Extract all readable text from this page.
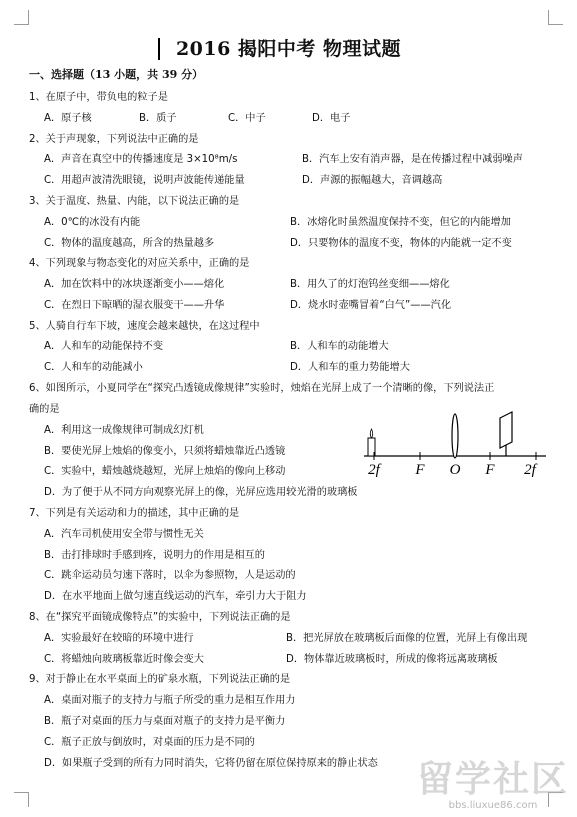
2016 揭阳中考 物理试题
一、选择题（13 小题，共 39 分）
1、在原子中，带负电的粒子是
A．原子核	B．质子	C．中子	D．电子
2、关于声现象，下列说法中正确的是
A．声音在真空中的传播速度是 3×10⁸m/s	B．汽车上安有消声器，是在传播过程中减弱噪声
C．用超声波清洗眼镜，说明声波能传递能量	D．声源的振幅越大，音调越高
3、关于温度、热量、内能，以下说法正确的是
A．0℃的冰没有内能	B．冰熔化时虽然温度保持不变，但它的内能增加
C．物体的温度越高，所含的热量越多	D．只要物体的温度不变，物体的内能就一定不变
4、下列现象与物态变化的对应关系中，正确的是
A．加在饮料中的冰块逐渐变小——熔化	B．用久了的灯泡钨丝变细——熔化
C．在烈日下晾晒的湿衣服变干——升华	D．烧水时壶嘴冒着“白气”——汽化
5、人骑自行车下坡，速度会越来越快，在这过程中
A．人和车的动能保持不变	B．人和车的动能增大
C．人和车的动能减小	D．人和车的重力势能增大
6、如图所示，小夏同学在“探究凸透镜成像规律”实验时，烛焰在光屏上成了一个清晰的像，下列说法正
确的是
A．利用这一成像规律可制成幻灯机
B．要使光屏上烛焰的像变小，只须将蜡烛靠近凸透镜
C．实验中，蜡烛越烧越短，光屏上烛焰的像向上移动
D．为了便于从不同方向观察光屏上的像，光屏应选用较光滑的玻璃板
7、下列是有关运动和力的描述，其中正确的是
A．汽车司机使用安全带与惯性无关
B．击打排球时手感到疼，说明力的作用是相互的
C．跳伞运动员匀速下落时，以伞为参照物，人是运动的
D．在水平地面上做匀速直线运动的汽车，牵引力大于阻力
8、在“探究平面镜成像特点”的实验中，下列说法正确的是
A．实验最好在较暗的环境中进行	B．把光屏放在玻璃板后面像的位置，光屏上有像出现
C．将蜡烛向玻璃板靠近时像会变大	D．物体靠近玻璃板时，所成的像将远离玻璃板
9、对于静止在水平桌面上的矿泉水瓶，下列说法正确的是
A．桌面对瓶子的支持力与瓶子所受的重力是相互作用力
B．瓶子对桌面的压力与桌面对瓶子的支持力是平衡力
C．瓶子正放与倒放时，对桌面的压力是不同的
D．如果瓶子受到的所有力同时消失，它将仍留在原位保持原来的静止状态
2f F O F 2f
留学社区
bbs.liuxue86.com
